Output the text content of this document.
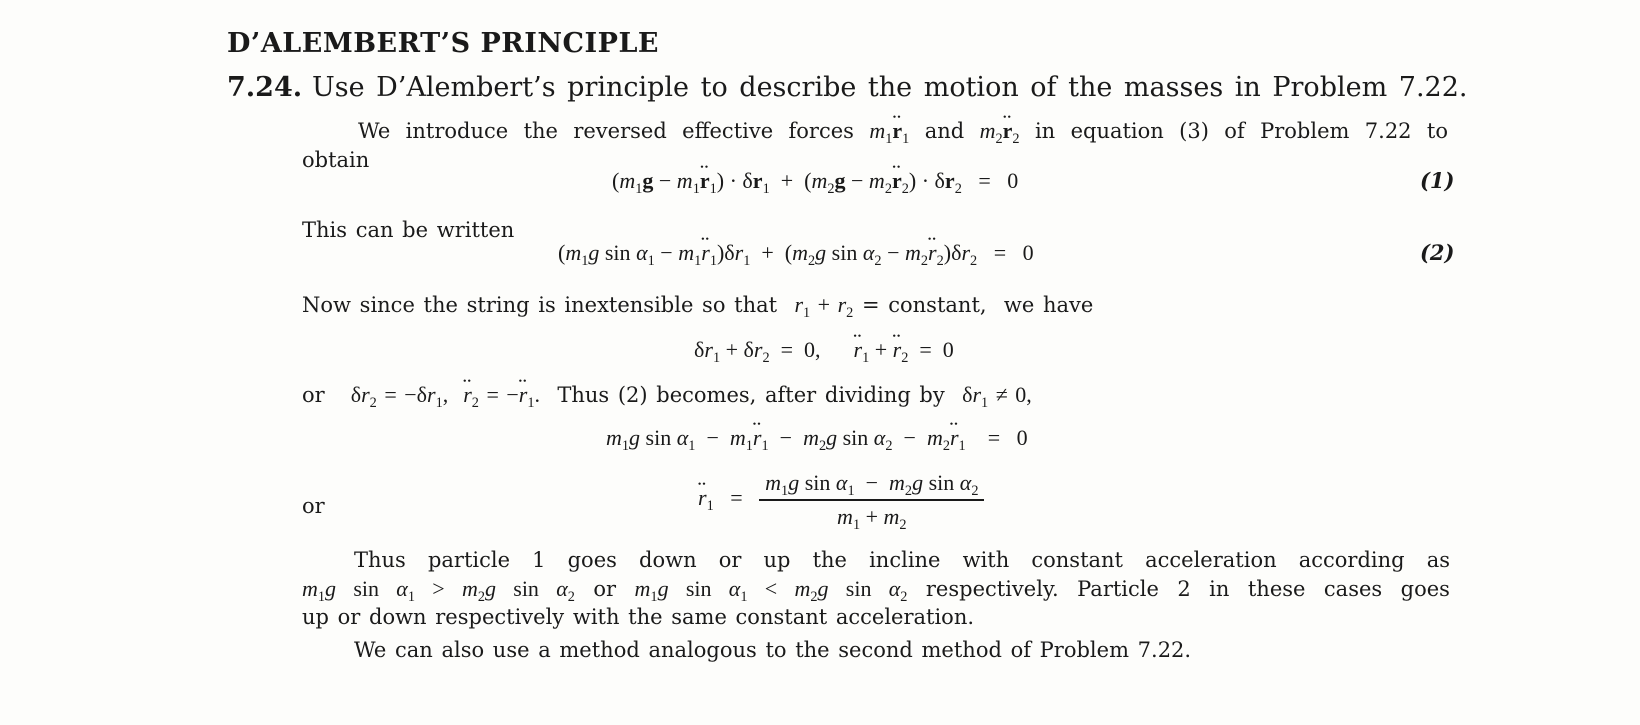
D’ALEMBERT’S PRINCIPLE
7.24. Use D’Alembert’s principle to describe the motion of the masses in Problem 7.22.
We introduce the reversed effective forces $m_1••$ $r_1$ and $m_2••$ $r_2$ in equation (3) of Problem 7.22 to
obtain
($m_1g$ − $m_1••$ $r_1) \cdot \delta r_1 + (m_2g$ − $m_2••$ $r_2) \cdot \delta r_2 = 0$	(1)
This can be written
($m_1g$ $\sin \alpha_1$ − $m_1••$ $r_1)\delta r_1 + (m_2g$ $\sin \alpha_2$ − $m_2••$ $r_2)\delta r_2 = 0$	(2)
Now since the string is inextensible so that $r_1 + r_2$ = constant, we have
$\delta r_1 + \delta r_2 = 0$,      •• $r_1$ + •• $r_2 = 0$
or $\delta r_2 = -\delta r_1$,  •• $r_2$ = −•• $r_1$. Thus (2) becomes, after dividing by $\delta r_1 \ne 0$,
$m_1g$ $\sin \alpha_1$  −  $m_1••$ $r_1 - m_2g$ $\sin \alpha_2$  −  $m_2••$ $r_1$    =   0
or
••	$r_1 = \frac{m_1g \sin \alpha_1 - m_2g \sin \alpha_2}{m_1 + m_2}$
Thus particle 1 goes down or up the incline with constant acceleration according as
$m_1g$ $\sin \alpha_1 > m_2g$ $\sin \alpha_2$ or $m_1g$ $\sin \alpha_1 < m_2g$ $\sin \alpha_2$ respectively. Particle 2 in these cases goes
up or down respectively with the same constant acceleration.
We can also use a method analogous to the second method of Problem 7.22.
